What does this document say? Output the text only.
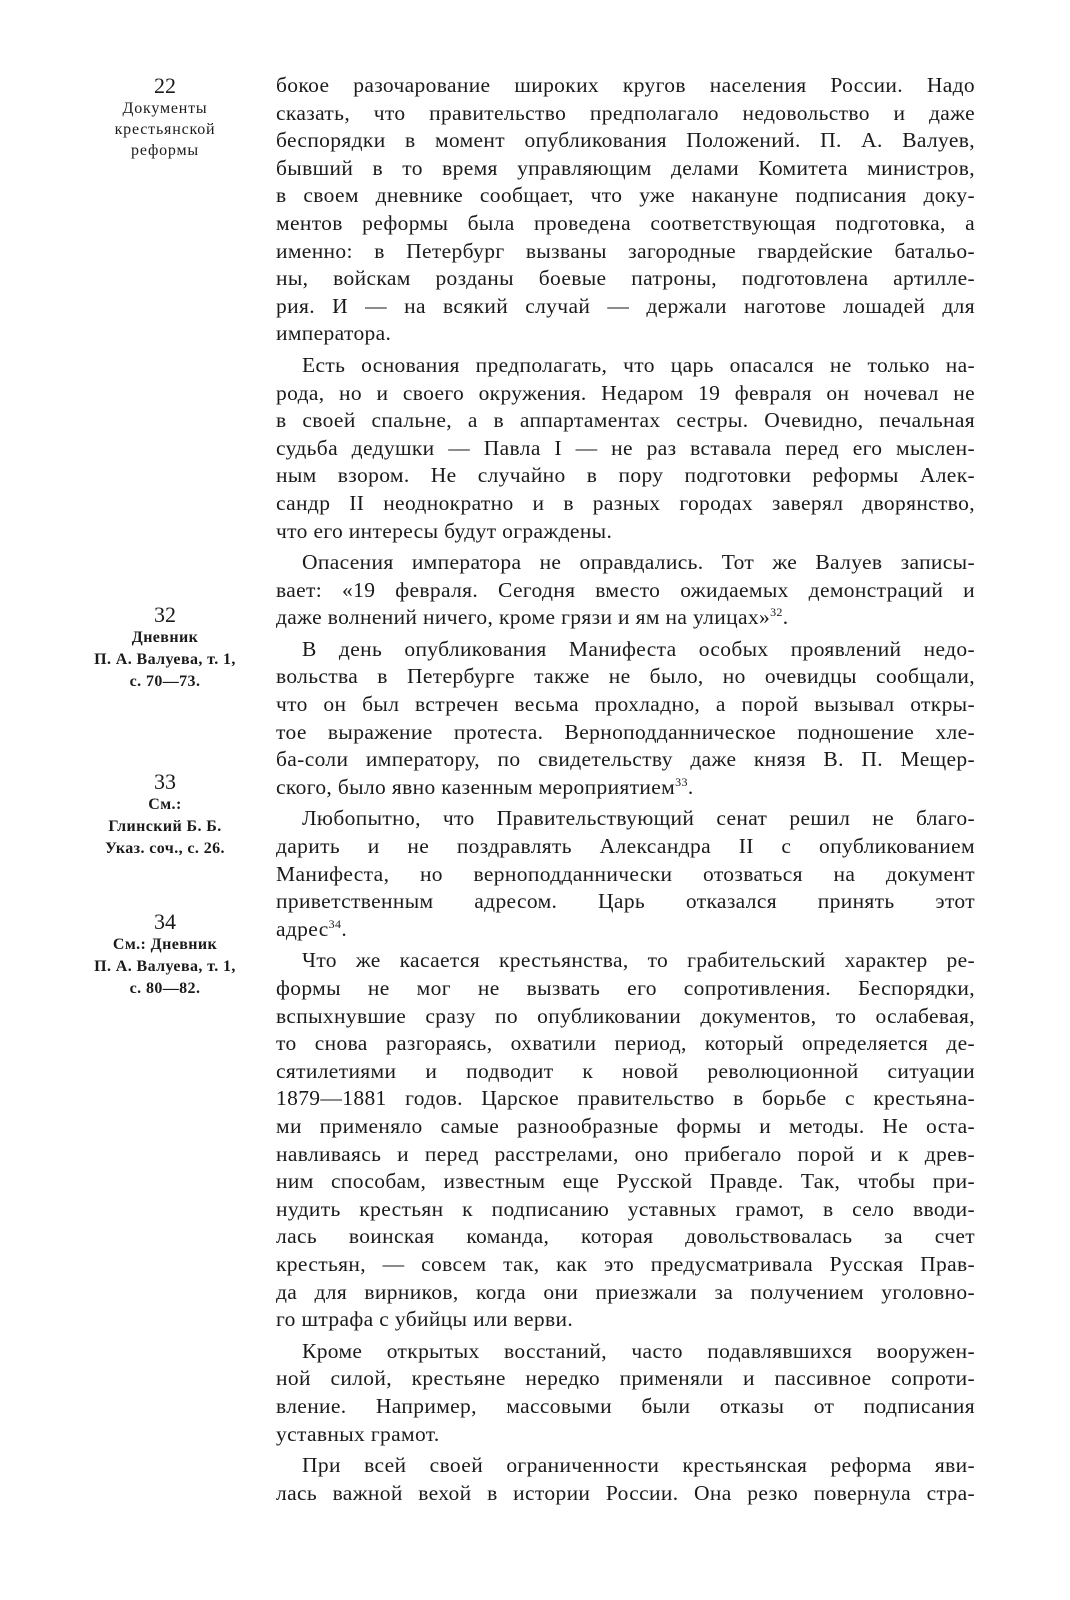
22
Документы
крестьянской
реформы
32
Дневник
П. А. Валуева, т. 1,
с. 70—73.
33
См.:
Глинский Б. Б.
Указ. соч., с. 26.
34
См.: Дневник
П. А. Валуева, т. 1,
с. 80—82.

бокое разочарование широких кругов населения России. Надо
сказать, что правительство предполагало недовольство и даже
беспорядки в момент опубликования Положений. П. А. Валуев,
бывший в то время управляющим делами Комитета министров,
в своем дневнике сообщает, что уже накануне подписания доку-
ментов реформы была проведена соответствующая подготовка, а
именно: в Петербург вызваны загородные гвардейские батальо-
ны, войскам розданы боевые патроны, подготовлена артилле-
рия. И — на всякий случай — держали наготове лошадей для
императора.

Есть основания предполагать, что царь опасался не только на-
рода, но и своего окружения. Недаром 19 февраля он ночевал не
в своей спальне, а в аппартаментах сестры. Очевидно, печальная
судьба дедушки — Павла I — не раз вставала перед его мыслен-
ным взором. Не случайно в пору подготовки реформы Алек-
сандр II неоднократно и в разных городах заверял дворянство,
что его интересы будут ограждены.

Опасения императора не оправдались. Тот же Валуев записы-
вает: «19 февраля. Сегодня вместо ожидаемых демонстраций и
даже волнений ничего, кроме грязи и ям на улицах»$^{32}$.

В день опубликования Манифеста особых проявлений недо-
вольства в Петербурге также не было, но очевидцы сообщали,
что он был встречен весьма прохладно, а порой вызывал откры-
тое выражение протеста. Верноподданническое подношение хле-
ба-соли императору, по свидетельству даже князя В. П. Мещер-
ского, было явно казенным мероприятием$^{33}$.

Любопытно, что Правительствующий сенат решил не благо-
дарить и не поздравлять Александра II с опубликованием
Манифеста, но верноподданнически отозваться на документ
приветственным адресом. Царь отказался принять этот
адрес$^{34}$.

Что же касается крестьянства, то грабительский характер ре-
формы не мог не вызвать его сопротивления. Беспорядки,
вспыхнувшие сразу по опубликовании документов, то ослабевая,
то снова разгораясь, охватили период, который определяется де-
сятилетиями и подводит к новой революционной ситуации
1879—1881 годов. Царское правительство в борьбе с крестьяна-
ми применяло самые разнообразные формы и методы. Не оста-
навливаясь и перед расстрелами, оно прибегало порой и к древ-
ним способам, известным еще Русской Правде. Так, чтобы при-
нудить крестьян к подписанию уставных грамот, в село вводи-
лась воинская команда, которая довольствовалась за счет
крестьян, — совсем так, как это предусматривала Русская Прав-
да для вирников, когда они приезжали за получением уголовно-
го штрафа с убийцы или верви.

Кроме открытых восстаний, часто подавлявшихся вооружен-
ной силой, крестьяне нередко применяли и пассивное сопроти-
вление. Например, массовыми были отказы от подписания
уставных грамот.

При всей своей ограниченности крестьянская реформа яви-
лась важной вехой в истории России. Она резко повернула стра-
